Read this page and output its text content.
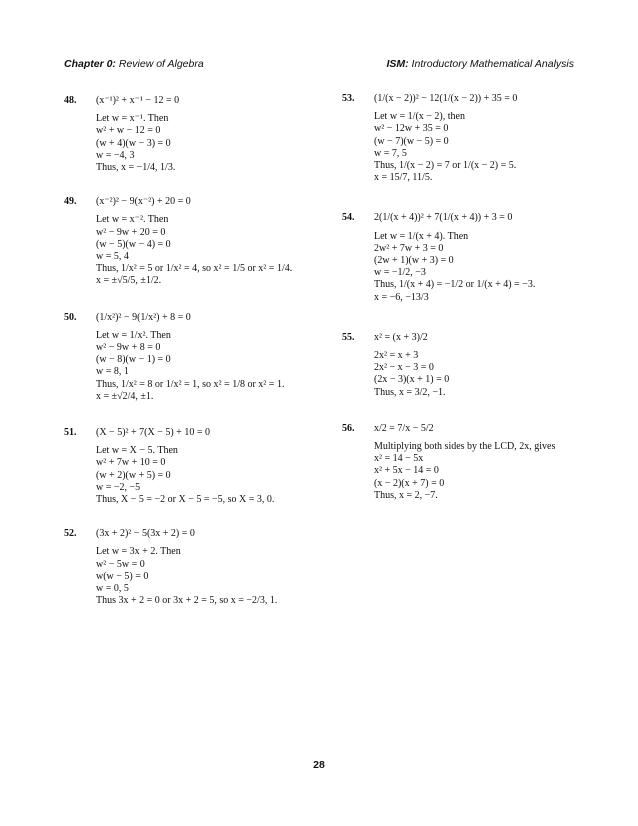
Chapter 0: Review of Algebra	ISM: Introductory Mathematical Analysis
48. (x⁻¹)² + x⁻¹ − 12 = 0
Let w = x⁻¹. Then
w² + w − 12 = 0
(w + 4)(w − 3) = 0
w = −4, 3
Thus, x = −1/4, 1/3.
49. (x⁻²)² − 9(x⁻²) + 20 = 0
Let w = x⁻². Then
w² − 9w + 20 = 0
(w − 5)(w − 4) = 0
w = 5, 4
Thus, 1/x² = 5 or 1/x² = 4, so x² = 1/5 or x² = 1/4.
x = ±√5/5, ±1/2.
50. (1/x²)² − 9(1/x²) + 8 = 0
Let w = 1/x². Then
w² − 9w + 8 = 0
(w − 8)(w − 1) = 0
w = 8, 1
Thus, 1/x² = 8 or 1/x² = 1, so x² = 1/8 or x² = 1.
x = ±√2/4, ±1.
51. (X − 5)² + 7(X − 5) + 10 = 0
Let w = X − 5. Then
w² + 7w + 10 = 0
(w + 2)(w + 5) = 0
w = −2, −5
Thus, X − 5 = −2 or X − 5 = −5, so X = 3, 0.
52. (3x + 2)² − 5(3x + 2) = 0
Let w = 3x + 2. Then
w² − 5w = 0
w(w − 5) = 0
w = 0, 5
Thus 3x + 2 = 0 or 3x + 2 = 5, so x = −2/3, 1.
53. (1/(x − 2))² − 12(1/(x − 2)) + 35 = 0
Let w = 1/(x − 2), then
w² − 12w + 35 = 0
(w − 7)(w − 5) = 0
w = 7, 5
Thus, 1/(x − 2) = 7 or 1/(x − 2) = 5.
x = 15/7, 11/5.
54. 2(1/(x + 4))² + 7(1/(x + 4)) + 3 = 0
Let w = 1/(x + 4). Then
2w² + 7w + 3 = 0
(2w + 1)(w + 3) = 0
w = −1/2, −3
Thus, 1/(x + 4) = −1/2 or 1/(x + 4) = −3.
x = −6, −13/3
55. x² = (x + 3)/2
2x² = x + 3
2x² − x − 3 = 0
(2x − 3)(x + 1) = 0
Thus, x = 3/2, −1.
56. x/2 = 7/x − 5/2
Multiplying both sides by the LCD, 2x, gives
x² = 14 − 5x
x² + 5x − 14 = 0
(x − 2)(x + 7) = 0
Thus, x = 2, −7.
28
